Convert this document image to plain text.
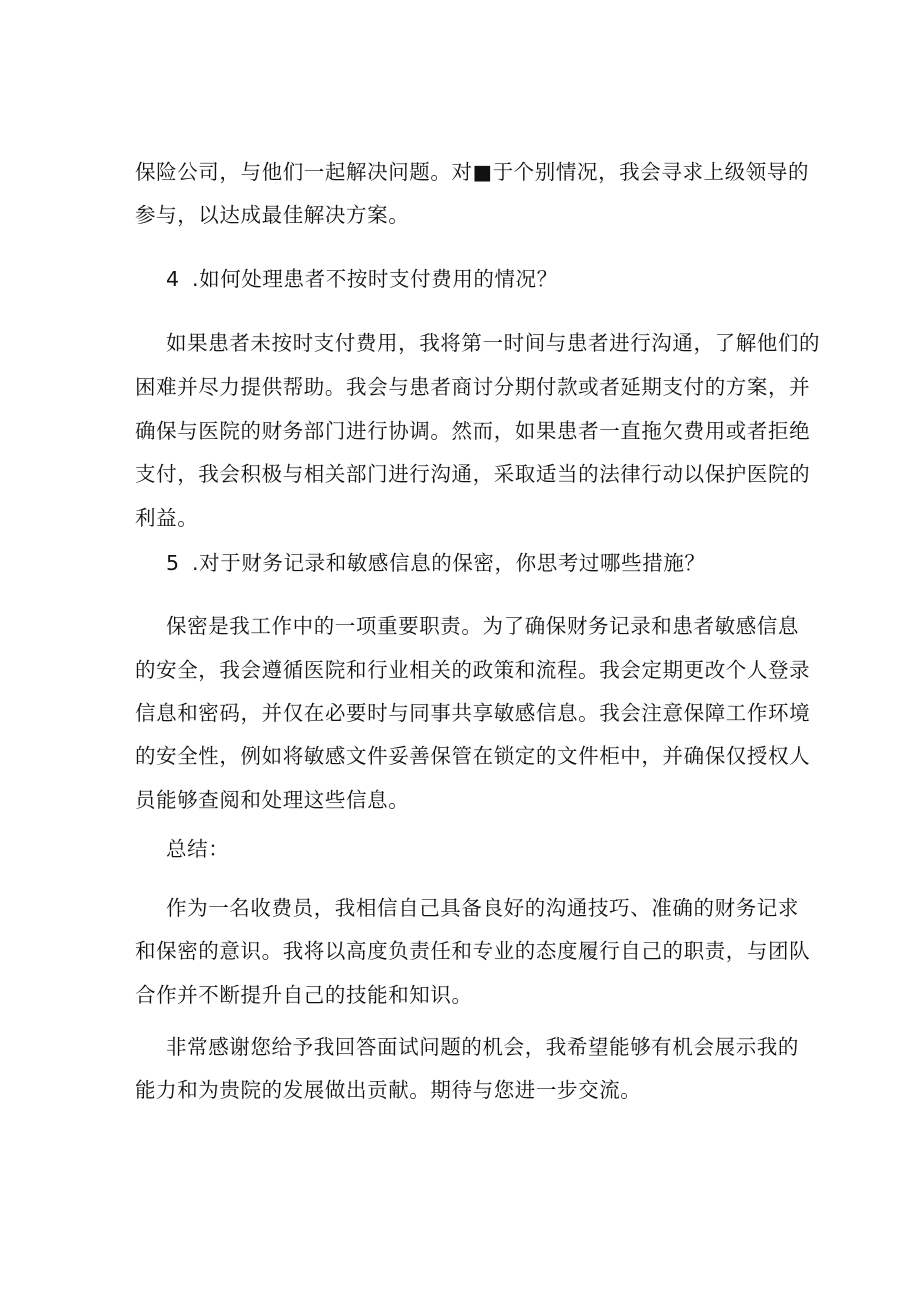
保险公司，与他们一起解决问题。对■于个别情况，我会寻求上级领导的
参与，以达成最佳解决方案。
4 .如何处理患者不按时支付费用的情况？
如果患者未按时支付费用，我将第一时间与患者进行沟通，了解他们的
困难并尽力提供帮助。我会与患者商讨分期付款或者延期支付的方案，并
确保与医院的财务部门进行协调。然而，如果患者一直拖欠费用或者拒绝
支付，我会积极与相关部门进行沟通，采取适当的法律行动以保护医院的
利益。
5 .对于财务记录和敏感信息的保密，你思考过哪些措施？
保密是我工作中的一项重要职责。为了确保财务记录和患者敏感信息
的安全，我会遵循医院和行业相关的政策和流程。我会定期更改个人登录
信息和密码，并仅在必要时与同事共享敏感信息。我会注意保障工作环境
的安全性，例如将敏感文件妥善保管在锁定的文件柜中，并确保仅授权人
员能够查阅和处理这些信息。
总结：
作为一名收费员，我相信自己具备良好的沟通技巧、准确的财务记求
和保密的意识。我将以高度负责任和专业的态度履行自己的职责，与团队
合作并不断提升自己的技能和知识。
非常感谢您给予我回答面试问题的机会，我希望能够有机会展示我的
能力和为贵院的发展做出贡献。期待与您进一步交流。
